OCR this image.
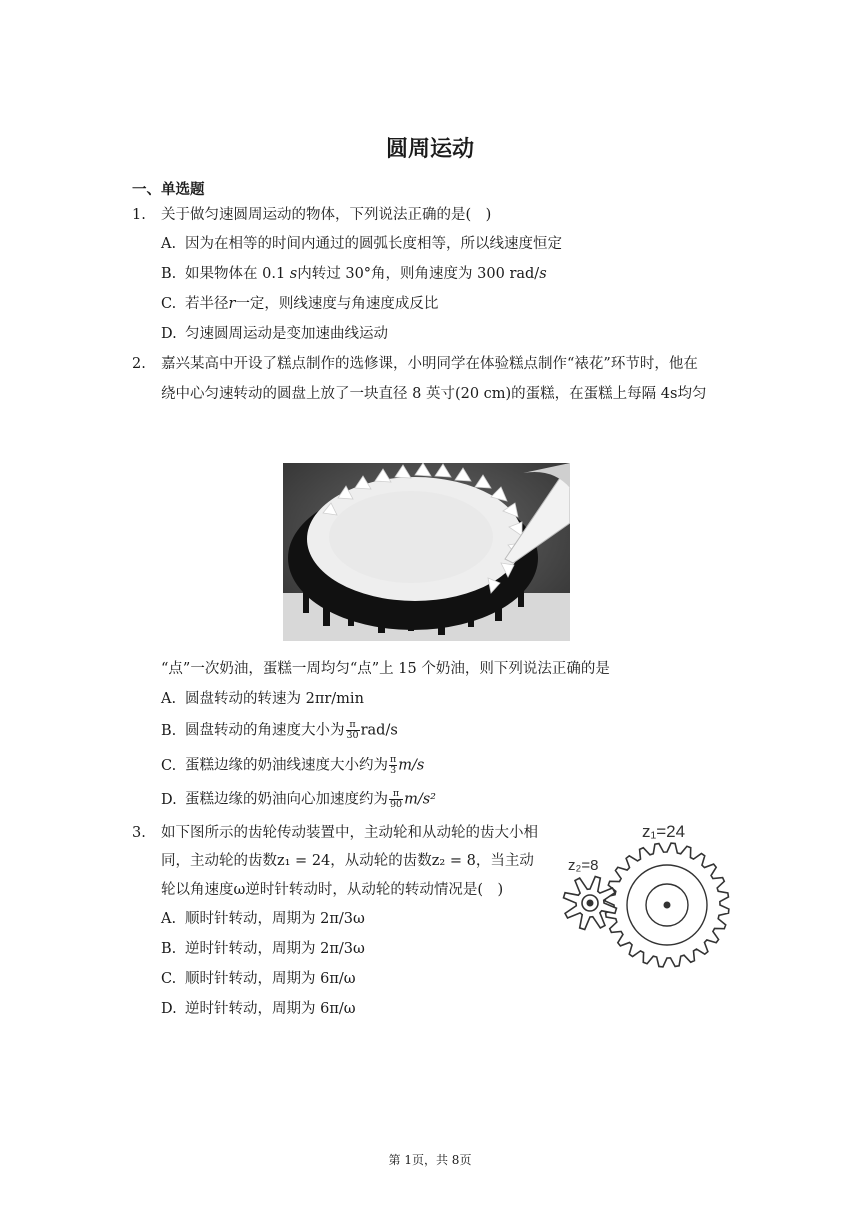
圆周运动
一、单选题
1. 关于做匀速圆周运动的物体，下列说法正确的是(　)
A. 因为在相等的时间内通过的圆弧长度相等，所以线速度恒定
B. 如果物体在 0.1 s内转过 30°角，则角速度为 300 rad/s
C. 若半径r一定，则线速度与角速度成反比
D. 匀速圆周运动是变加速曲线运动
2. 嘉兴某高中开设了糕点制作的选修课，小明同学在体验糕点制作“裱花”环节时，他在
绕中心匀速转动的圆盘上放了一块直径 8 英寸(20 cm)的蛋糕，在蛋糕上每隔 4s均匀
“点”一次奶油，蛋糕一周均匀“点”上 15 个奶油，则下列说法正确的是
A. 圆盘转动的转速为 2πr/min
B. 圆盘转动的角速度大小为 $\frac{\pi}{30} rad/s$
C. 蛋糕边缘的奶油线速度大小约为 $\frac{\pi}{3} m/s$
D. 蛋糕边缘的奶油向心加速度约为 $\frac{\pi}{90} m/s^2$
3. 如下图所示的齿轮传动装置中，主动轮和从动轮的齿大小相
同，主动轮的齿数z₁ = 24，从动轮的齿数z₂ = 8，当主动
轮以角速度ω逆时针转动时，从动轮的转动情况是(　)
A. 顺时针转动，周期为 2π/3ω
B. 逆时针转动，周期为 2π/3ω
C. 顺时针转动，周期为 6π/ω
D. 逆时针转动，周期为 6π/ω
z₁=24
z₂=8
第 1页，共 8页
